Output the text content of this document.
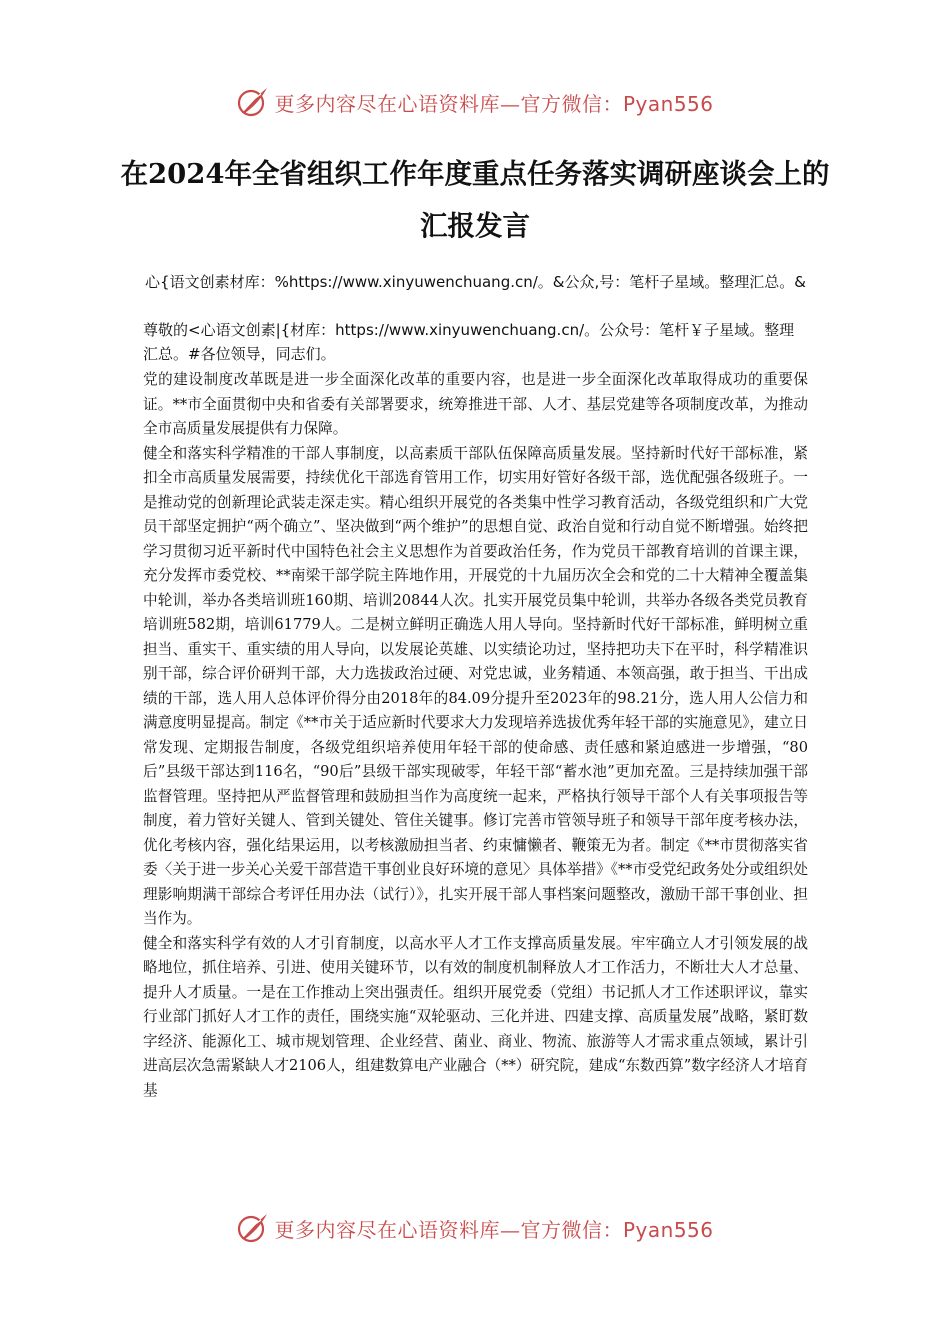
更多内容尽在心语资料库—官方微信：Pyan556
在2024年全省组织工作年度重点任务落实调研座谈会上的汇报发言
心{语文创素材库：%https://www.xinyuwenchuang.cn/。&公众,号：笔杆子星域。整理汇总。&
尊敬的<心语文创素|{材库：https://www.xinyuwenchuang.cn/。公众号：笔杆￥子星域。整理汇总。#各位领导，同志们。

党的建设制度改革既是进一步全面深化改革的重要内容，也是进一步全面深化改革取得成功的重要保证。**市全面贯彻中央和省委有关部署要求，统筹推进干部、人才、基层党建等各项制度改革，为推动全市高质量发展提供有力保障。

健全和落实科学精准的干部人事制度，以高素质干部队伍保障高质量发展。坚持新时代好干部标准，紧扣全市高质量发展需要，持续优化干部选育管用工作，切实用好管好各级干部，选优配强各级班子。一是推动党的创新理论武装走深走实。精心组织开展党的各类集中性学习教育活动，各级党组织和广大党员干部坚定拥护“两个确立”、坚决做到“两个维护”的思想自觉、政治自觉和行动自觉不断增强。始终把学习贯彻习近平新时代中国特色社会主义思想作为首要政治任务，作为党员干部教育培训的首课主课，充分发挥市委党校、**南梁干部学院主阵地作用，开展党的十九届历次全会和党的二十大精神全覆盖集中轮训，举办各类培训班160期、培训20844人次。扎实开展党员集中轮训，共举办各级各类党员教育培训班582期，培训61779人。二是树立鲜明正确选人用人导向。坚持新时代好干部标准，鲜明树立重担当、重实干、重实绩的用人导向，以发展论英雄、以实绩论功过，坚持把功夫下在平时，科学精准识别干部，综合评价研判干部，大力选拔政治过硬、对党忠诚，业务精通、本领高强，敢于担当、干出成绩的干部，选人用人总体评价得分由2018年的84.09分提升至2023年的98.21分，选人用人公信力和满意度明显提高。制定《**市关于适应新时代要求大力发现培养选拔优秀年轻干部的实施意见》，建立日常发现、定期报告制度，各级党组织培养使用年轻干部的使命感、责任感和紧迫感进一步增强，“80后”县级干部达到116名，“90后”县级干部实现破零，年轻干部“蓄水池”更加充盈。三是持续加强干部监督管理。坚持把从严监督管理和鼓励担当作为高度统一起来，严格执行领导干部个人有关事项报告等制度，着力管好关键人、管到关键处、管住关键事。修订完善市管领导班子和领导干部年度考核办法，优化考核内容，强化结果运用，以考核激励担当者、约束慵懒者、鞭策无为者。制定《**市贯彻落实省委〈关于进一步关心关爱干部营造干事创业良好环境的意见〉具体举措》《**市受党纪政务处分或组织处理影响期满干部综合考评任用办法（试行）》，扎实开展干部人事档案问题整改，激励干部干事创业、担当作为。

健全和落实科学有效的人才引育制度，以高水平人才工作支撑高质量发展。牢牢确立人才引领发展的战略地位，抓住培养、引进、使用关键环节，以有效的制度机制释放人才工作活力，不断壮大人才总量、提升人才质量。一是在工作推动上突出强责任。组织开展党委（党组）书记抓人才工作述职评议，靠实行业部门抓好人才工作的责任，围绕实施“双轮驱动、三化并进、四建支撑、高质量发展”战略，紧盯数字经济、能源化工、城市规划管理、企业经营、菌业、商业、物流、旅游等人才需求重点领域，累计引进高层次急需紧缺人才2106人，组建数算电产业融合（**）研究院，建成“东数西算”数字经济人才培育基

更多内容尽在心语资料库—官方微信：Pyan556
